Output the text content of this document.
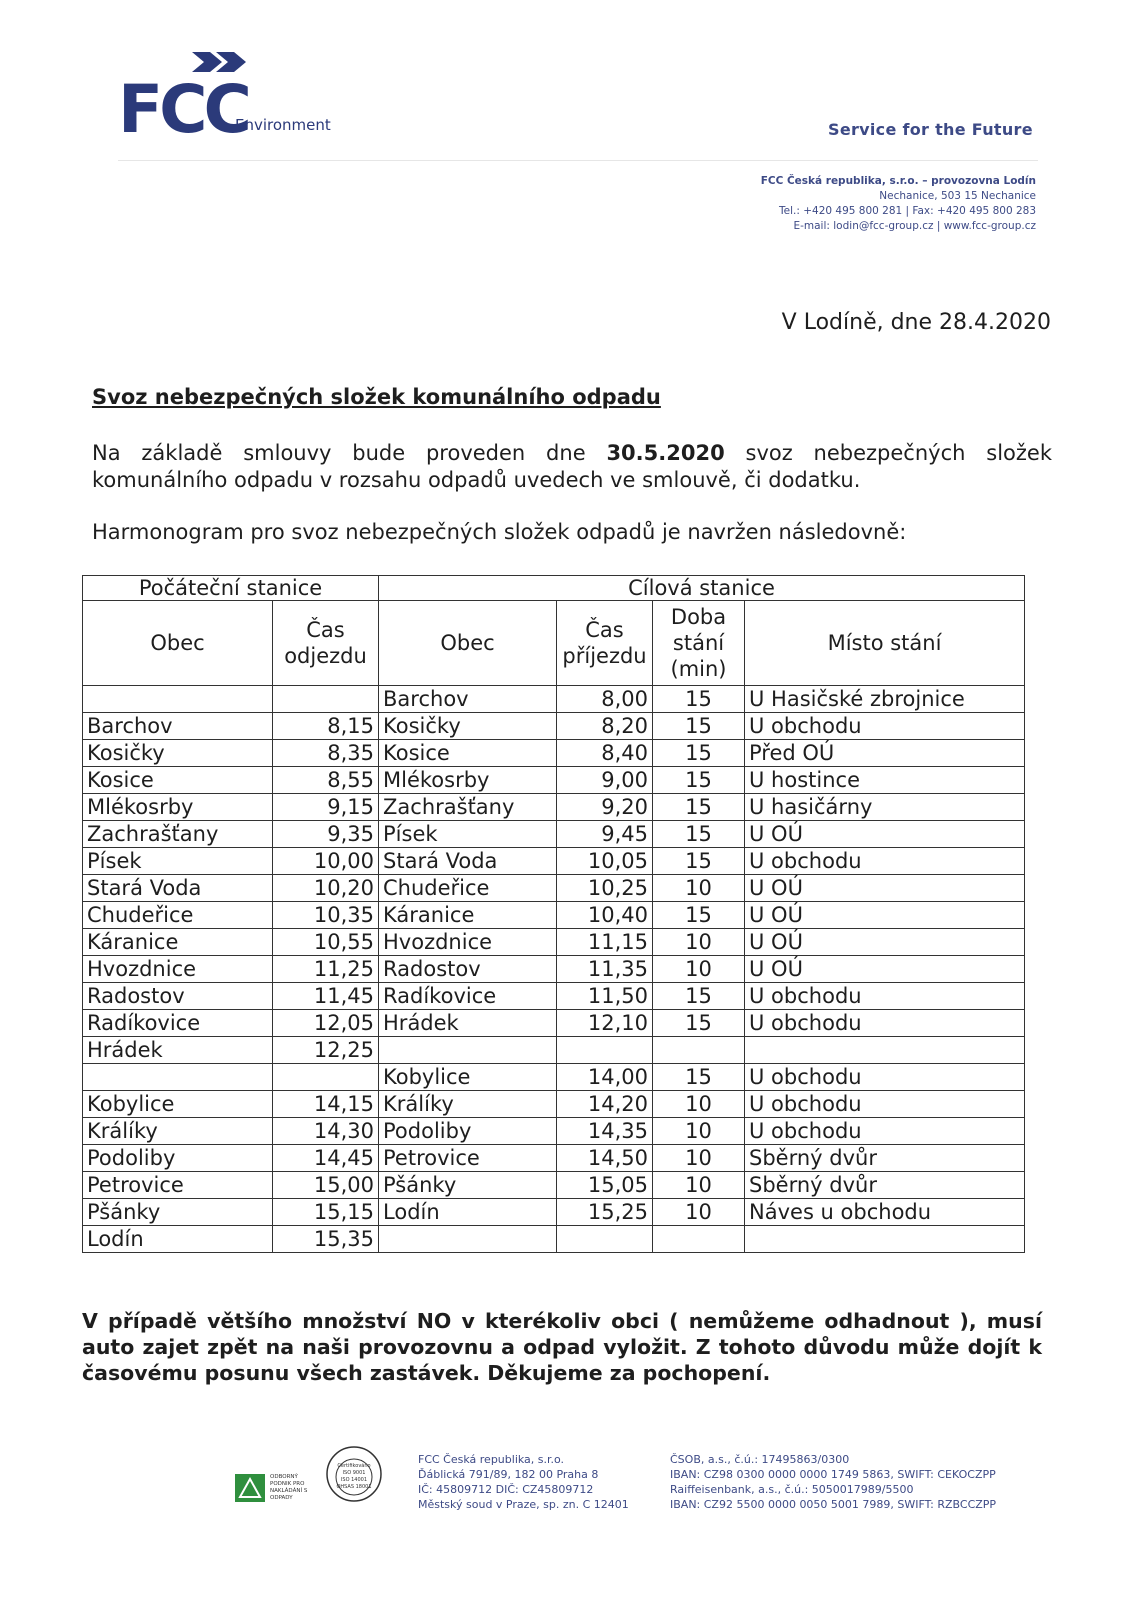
FCC
Environment	Service for the Future
FCC Česká republika, s.r.o. – provozovna Lodín
Nechanice, 503 15 Nechanice
Tel.: +420 495 800 281 | Fax: +420 495 800 283
E-mail: lodin@fcc-group.cz | www.fcc-group.cz
V Lodíně, dne 28.4.2020
Svoz nebezpečných složek komunálního odpadu
Na základě smlouvy bude proveden dne 30.5.2020 svoz nebezpečných složek komunálního odpadu v rozsahu odpadů uvedech ve smlouvě, či dodatku.
Harmonogram pro svoz nebezpečných složek odpadů je navržen následovně:
Počáteční stanice		Cílová stanice			
Obec	Čas odjezdu	Obec	Čas příjezdu	Doba stání (min)	Místo stání
		Barchov	8,00	15	U Hasičské zbrojnice
Barchov	8,15	Kosičky	8,20	15	U obchodu
Kosičky	8,35	Kosice	8,40	15	Před OÚ
Kosice	8,55	Mlékosrby	9,00	15	U hostince
Mlékosrby	9,15	Zachrašťany	9,20	15	U hasičárny
Zachrašťany	9,35	Písek	9,45	15	U OÚ
Písek	10,00	Stará Voda	10,05	15	U obchodu
Stará Voda	10,20	Chudeřice	10,25	10	U OÚ
Chudeřice	10,35	Káranice	10,40	15	U OÚ
Káranice	10,55	Hvozdnice	11,15	10	U OÚ
Hvozdnice	11,25	Radostov	11,35	10	U OÚ
Radostov	11,45	Radíkovice	11,50	15	U obchodu
Radíkovice	12,05	Hrádek	12,10	15	U obchodu
Hrádek	12,25				
		Kobylice	14,00	15	U obchodu
Kobylice	14,15	Králíky	14,20	10	U obchodu
Králíky	14,30	Podoliby	14,35	10	U obchodu
Podoliby	14,45	Petrovice	14,50	10	Sběrný dvůr
Petrovice	15,00	Pšánky	15,05	10	Sběrný dvůr
Pšánky	15,15	Lodín	15,25	10	Náves u obchodu
Lodín	15,35				
V případě většího množství NO v kterékoliv obci ( nemůžeme odhadnout ), musí auto zajet zpět na naši provozovnu a odpad vyložit. Z tohoto důvodu může dojít k časovému posunu všech zastávek. Děkujeme za pochopení.
ODBORNÝ PODNIK PRO NAKLÁDÁNÍ S ODPADY
Certifikováno ISO 9001 ISO 14001 OHSAS 18001
FCC Česká republika, s.r.o.
Ďáblická 791/89, 182 00 Praha 8
IČ: 45809712 DIČ: CZ45809712
Městský soud v Praze, sp. zn. C 12401
ČSOB, a.s., č.ú.: 17495863/0300
IBAN: CZ98 0300 0000 0000 1749 5863, SWIFT: CEKOCZPP
Raiffeisenbank, a.s., č.ú.: 5050017989/5500
IBAN: CZ92 5500 0000 0050 5001 7989, SWIFT: RZBCCZPP
